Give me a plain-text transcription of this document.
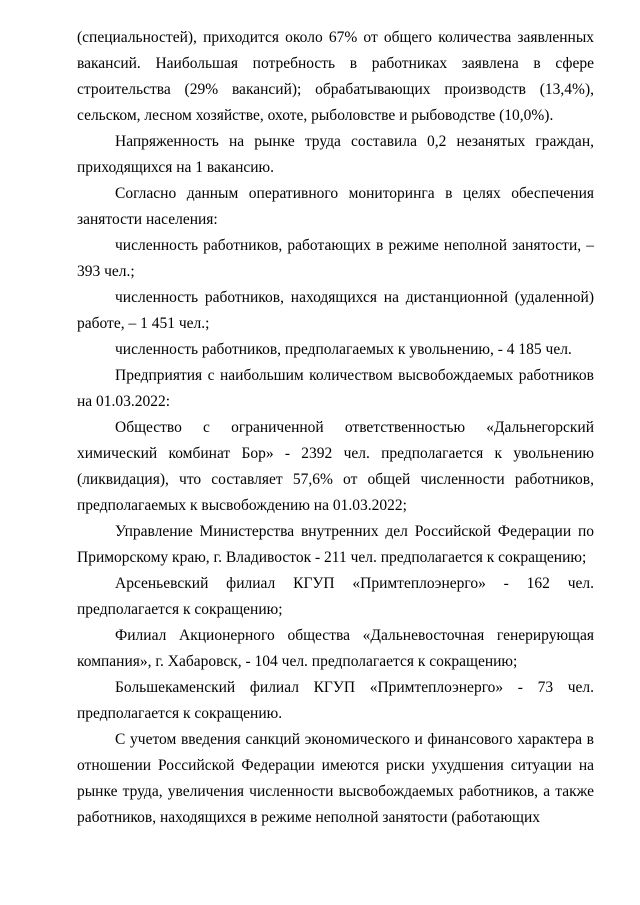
(специальностей), приходится около 67% от общего количества заявленных вакансий. Наибольшая потребность в работниках заявлена в сфере строительства (29% вакансий); обрабатывающих производств (13,4%), сельском, лесном хозяйстве, охоте, рыболовстве и рыбоводстве (10,0%).

Напряженность на рынке труда составила 0,2 незанятых граждан, приходящихся на 1 вакансию.

Согласно данным оперативного мониторинга в целях обеспечения занятости населения:

численность работников, работающих в режиме неполной занятости, – 393 чел.;

численность работников, находящихся на дистанционной (удаленной) работе, – 1 451 чел.;

численность работников, предполагаемых к увольнению, - 4 185 чел.

Предприятия с наибольшим количеством высвобождаемых работников на 01.03.2022:

Общество с ограниченной ответственностью «Дальнегорский химический комбинат Бор» - 2392 чел. предполагается к увольнению (ликвидация), что составляет 57,6% от общей численности работников, предполагаемых к высвобождению на 01.03.2022;

Управление Министерства внутренних дел Российской Федерации по Приморскому краю, г. Владивосток - 211 чел. предполагается к сокращению;

Арсеньевский филиал КГУП «Примтеплоэнерго» - 162 чел. предполагается к сокращению;

Филиал Акционерного общества «Дальневосточная генерирующая компания», г. Хабаровск, - 104 чел. предполагается к сокращению;

Большекаменский филиал КГУП «Примтеплоэнерго» - 73 чел. предполагается к сокращению.

С учетом введения санкций экономического и финансового характера в отношении Российской Федерации имеются риски ухудшения ситуации на рынке труда, увеличения численности высвобождаемых работников, а также работников, находящихся в режиме неполной занятости (работающих
